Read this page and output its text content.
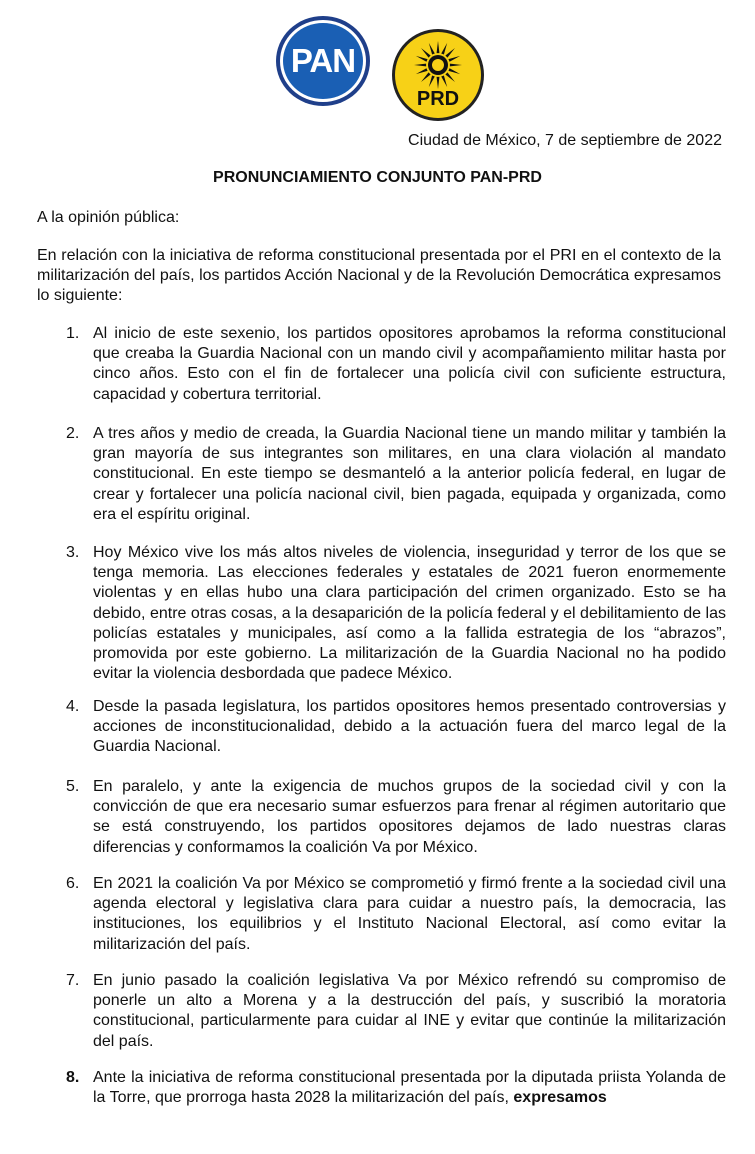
PAN
PRD
Ciudad de México, 7 de septiembre de 2022
PRONUNCIAMIENTO CONJUNTO PAN-PRD
A la opinión pública:
En relación con la iniciativa de reforma constitucional presentada por el PRI en el contexto de la militarización del país, los partidos Acción Nacional y de la Revolución Democrática expresamos lo siguiente:
1. Al inicio de este sexenio, los partidos opositores aprobamos la reforma constitucional que creaba la Guardia Nacional con un mando civil y acompañamiento militar hasta por cinco años. Esto con el fin de fortalecer una policía civil con suficiente estructura, capacidad y cobertura territorial.
2. A tres años y medio de creada, la Guardia Nacional tiene un mando militar y también la gran mayoría de sus integrantes son militares, en una clara violación al mandato constitucional. En este tiempo se desmanteló a la anterior policía federal, en lugar de crear y fortalecer una policía nacional civil, bien pagada, equipada y organizada, como era el espíritu original.
3. Hoy México vive los más altos niveles de violencia, inseguridad y terror de los que se tenga memoria. Las elecciones federales y estatales de 2021 fueron enormemente violentas y en ellas hubo una clara participación del crimen organizado. Esto se ha debido, entre otras cosas, a la desaparición de la policía federal y el debilitamiento de las policías estatales y municipales, así como a la fallida estrategia de los “abrazos”, promovida por este gobierno. La militarización de la Guardia Nacional no ha podido evitar la violencia desbordada que padece México.
4. Desde la pasada legislatura, los partidos opositores hemos presentado controversias y acciones de inconstitucionalidad, debido a la actuación fuera del marco legal de la Guardia Nacional.
5. En paralelo, y ante la exigencia de muchos grupos de la sociedad civil y con la convicción de que era necesario sumar esfuerzos para frenar al régimen autoritario que se está construyendo, los partidos opositores dejamos de lado nuestras claras diferencias y conformamos la coalición Va por México.
6. En 2021 la coalición Va por México se comprometió y firmó frente a la sociedad civil una agenda electoral y legislativa clara para cuidar a nuestro país, la democracia, las instituciones, los equilibrios y el Instituto Nacional Electoral, así como evitar la militarización del país.
7. En junio pasado la coalición legislativa Va por México refrendó su compromiso de ponerle un alto a Morena y a la destrucción del país, y suscribió la moratoria constitucional, particularmente para cuidar al INE y evitar que continúe la militarización del país.
8. Ante la iniciativa de reforma constitucional presentada por la diputada priista Yolanda de la Torre, que prorroga hasta 2028 la militarización del país, expresamos
